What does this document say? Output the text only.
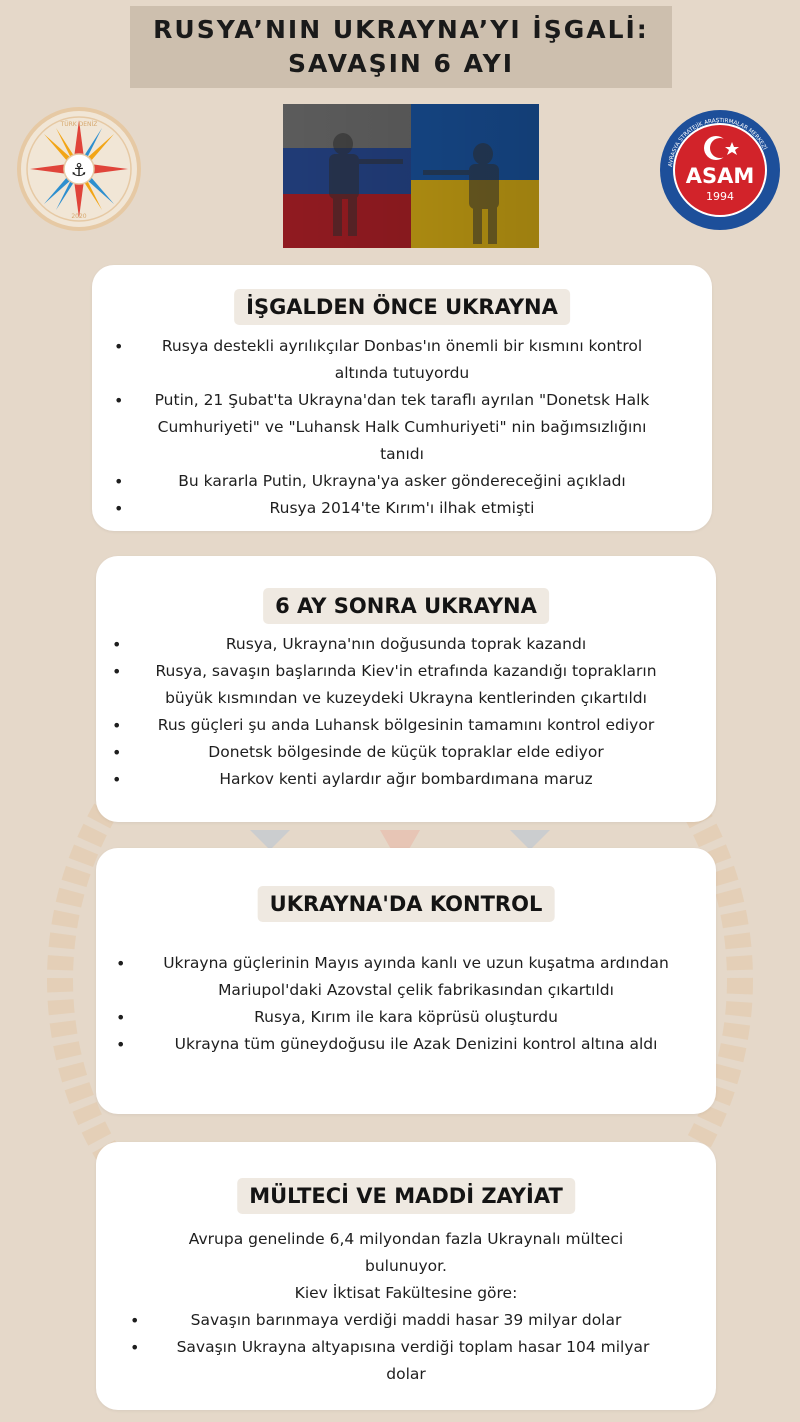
RUSYA’NIN UKRAYNA’YI İŞGALİ:
SAVAŞIN 6 AYI
⚓
TÜRK DENİZ
2020
ASAM
1994
AVRASYA STRATEJİK ARAŞTIRMALAR MERKEZİ
İŞGALDEN ÖNCE UKRAYNA
•	Rusya destekli ayrılıkçılar Donbas'ın önemli bir kısmını kontrol
altında tutuyordu
•	Putin, 21 Şubat'ta Ukrayna'dan tek taraflı ayrılan "Donetsk Halk
Cumhuriyeti" ve "Luhansk Halk Cumhuriyeti" nin bağımsızlığını
tanıdı
•	Bu kararla Putin, Ukrayna'ya asker göndereceğini açıkladı
•	Rusya 2014'te Kırım'ı ilhak etmişti
6 AY SONRA UKRAYNA
•	Rusya, Ukrayna'nın doğusunda toprak kazandı
•	Rusya, savaşın başlarında Kiev'in etrafında kazandığı toprakların
büyük kısmından ve kuzeydeki Ukrayna kentlerinden çıkartıldı
•	Rus güçleri şu anda Luhansk bölgesinin tamamını kontrol ediyor
•	Donetsk bölgesinde de küçük topraklar elde ediyor
•	Harkov kenti aylardır ağır bombardımana maruz
UKRAYNA'DA KONTROL
•	Ukrayna güçlerinin Mayıs ayında kanlı ve uzun kuşatma ardından
Mariupol'daki Azovstal çelik fabrikasından çıkartıldı
•	Rusya, Kırım ile kara köprüsü oluşturdu
•	Ukrayna tüm güneydoğusu ile Azak Denizini kontrol altına aldı
MÜLTECİ VE MADDİ ZAYİAT
Avrupa genelinde 6,4 milyondan fazla Ukraynalı mülteci
bulunuyor.
Kiev İktisat Fakültesine göre:
•	Savaşın barınmaya verdiği maddi hasar 39 milyar dolar
•	Savaşın Ukrayna altyapısına verdiği toplam hasar 104 milyar
dolar
